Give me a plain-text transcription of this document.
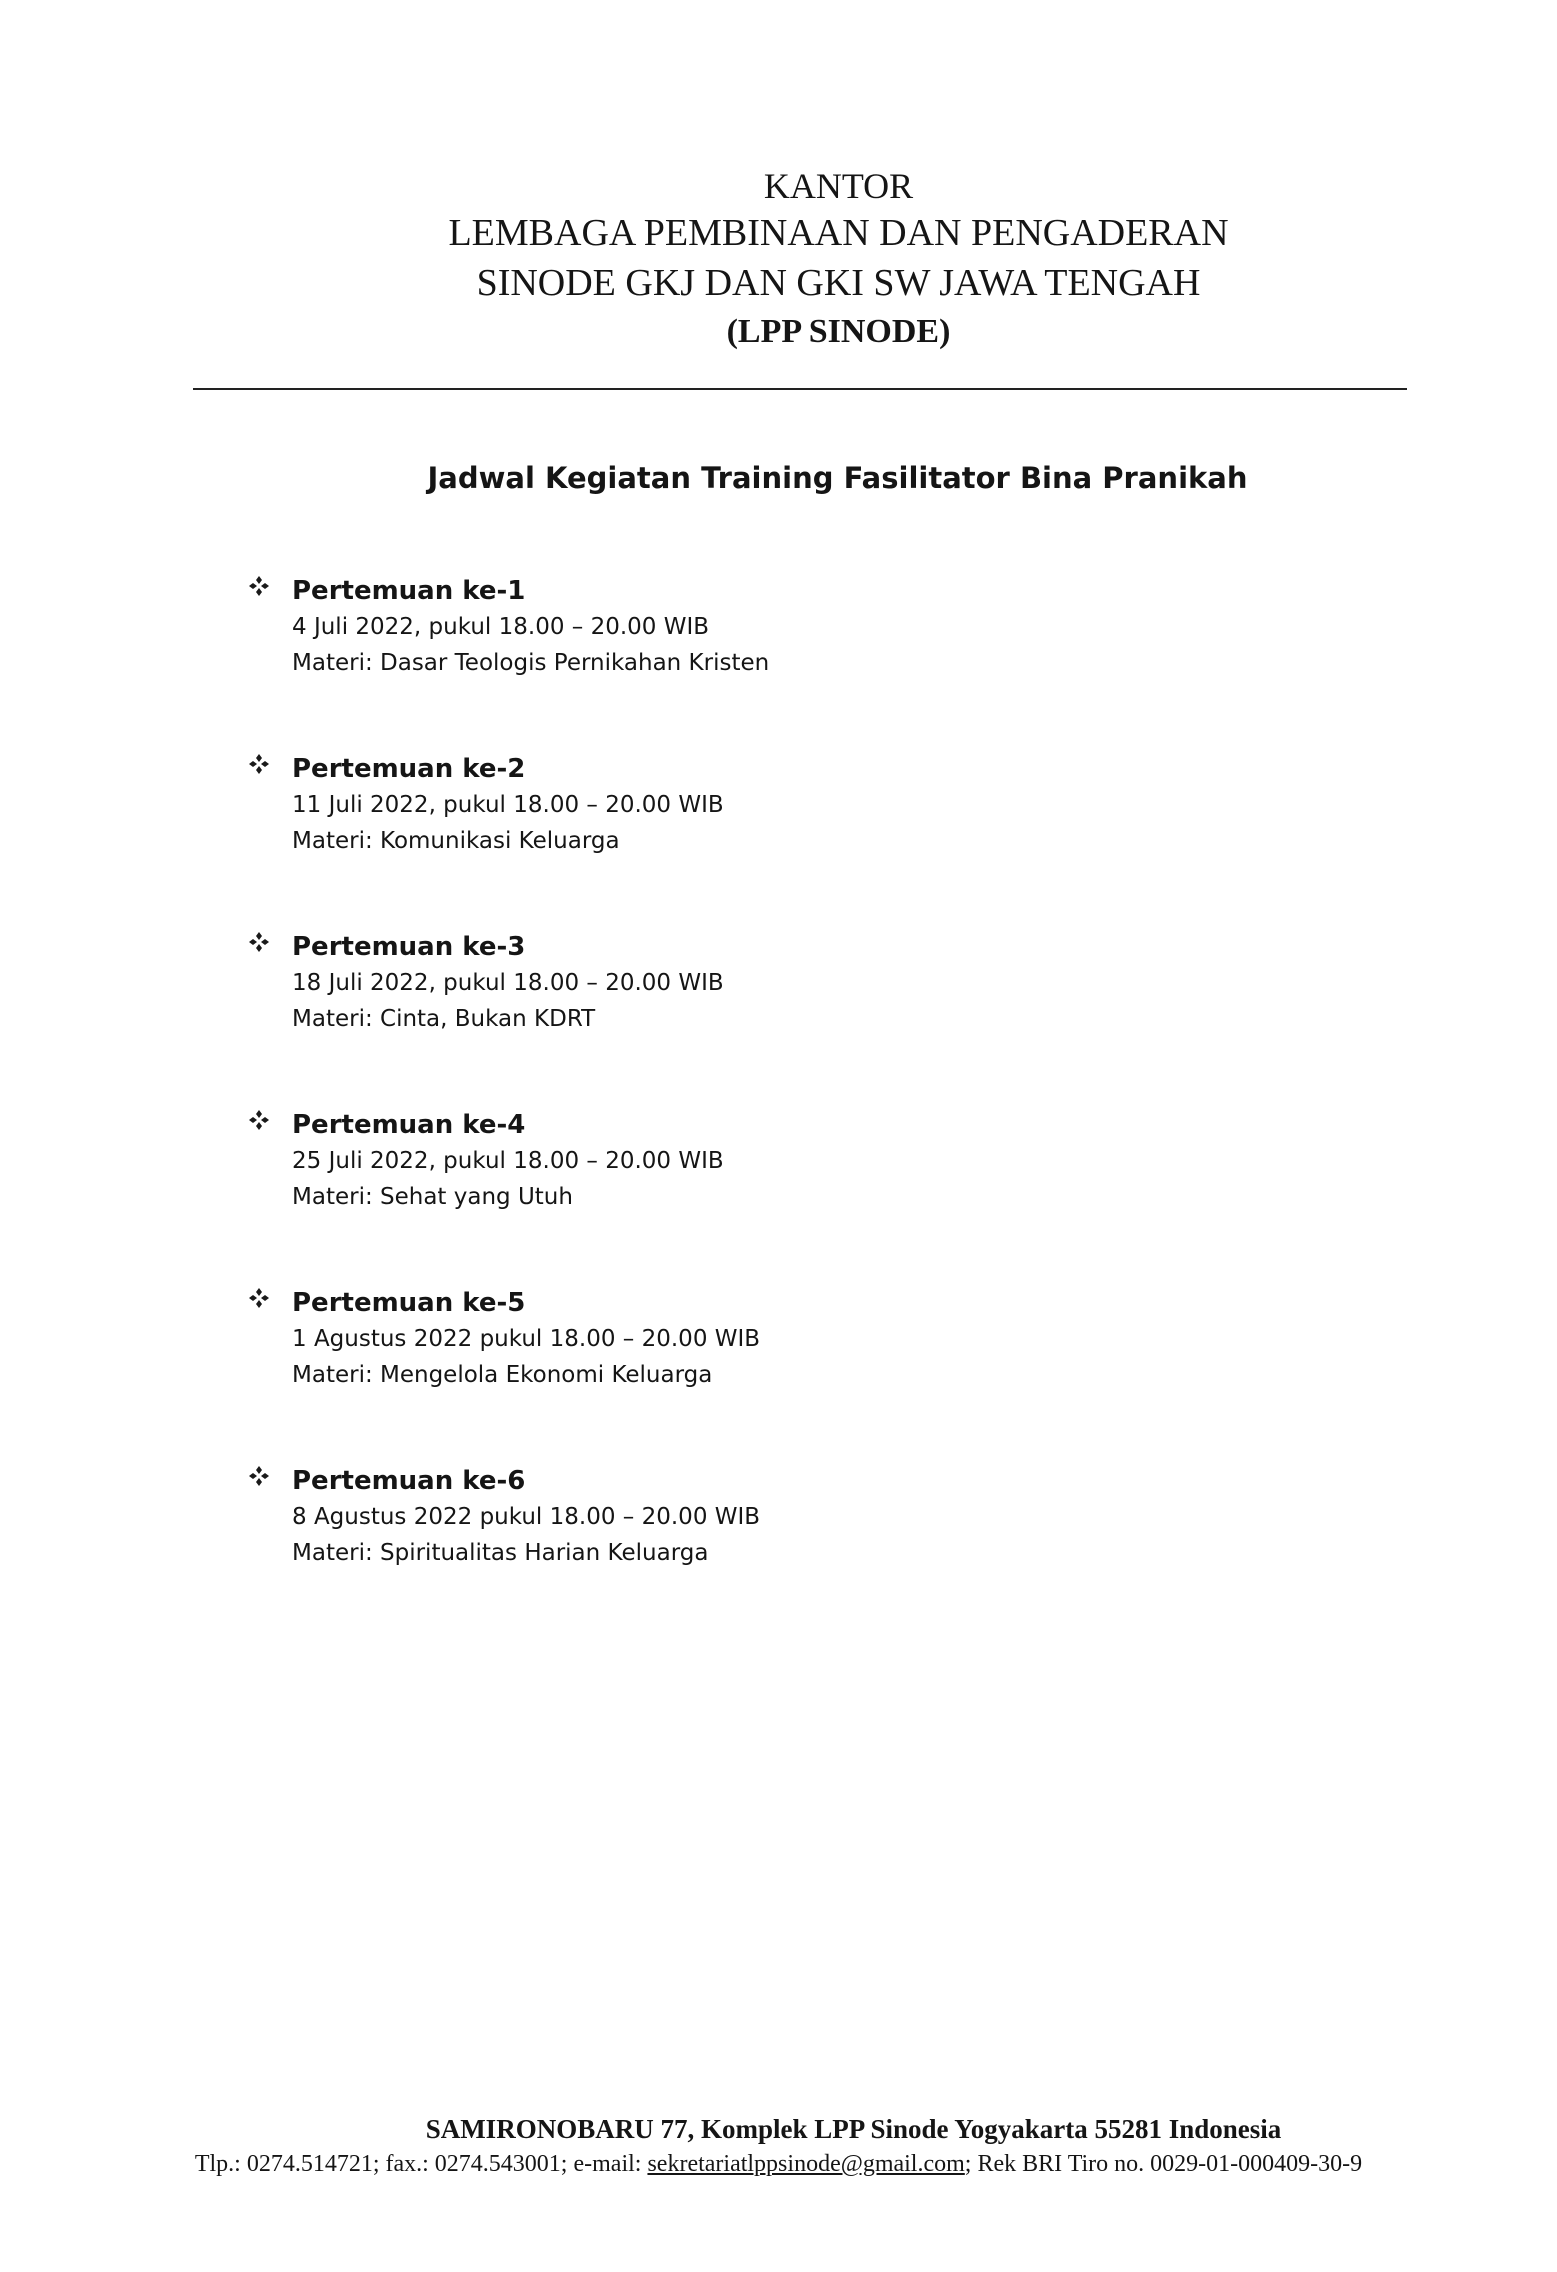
KANTOR
LEMBAGA PEMBINAAN DAN PENGADERAN
SINODE GKJ DAN GKI SW JAWA TENGAH
(LPP SINODE)
Jadwal Kegiatan Training Fasilitator Bina Pranikah
Pertemuan ke-1
4 Juli 2022, pukul 18.00 – 20.00 WIB
Materi: Dasar Teologis Pernikahan Kristen
Pertemuan ke-2
11 Juli 2022, pukul 18.00 – 20.00 WIB
Materi: Komunikasi Keluarga
Pertemuan ke-3
18 Juli 2022, pukul 18.00 – 20.00 WIB
Materi: Cinta, Bukan KDRT
Pertemuan ke-4
25 Juli 2022, pukul 18.00 – 20.00 WIB
Materi: Sehat yang Utuh
Pertemuan ke-5
1 Agustus 2022 pukul 18.00 – 20.00 WIB
Materi: Mengelola Ekonomi Keluarga
Pertemuan ke-6
8 Agustus 2022 pukul 18.00 – 20.00 WIB
Materi: Spiritualitas Harian Keluarga
SAMIRONOBARU 77, Komplek LPP Sinode Yogyakarta 55281 Indonesia
Tlp.: 0274.514721; fax.: 0274.543001; e-mail: sekretariatlppsinode@gmail.com; Rek BRI Tiro no. 0029-01-000409-30-9
